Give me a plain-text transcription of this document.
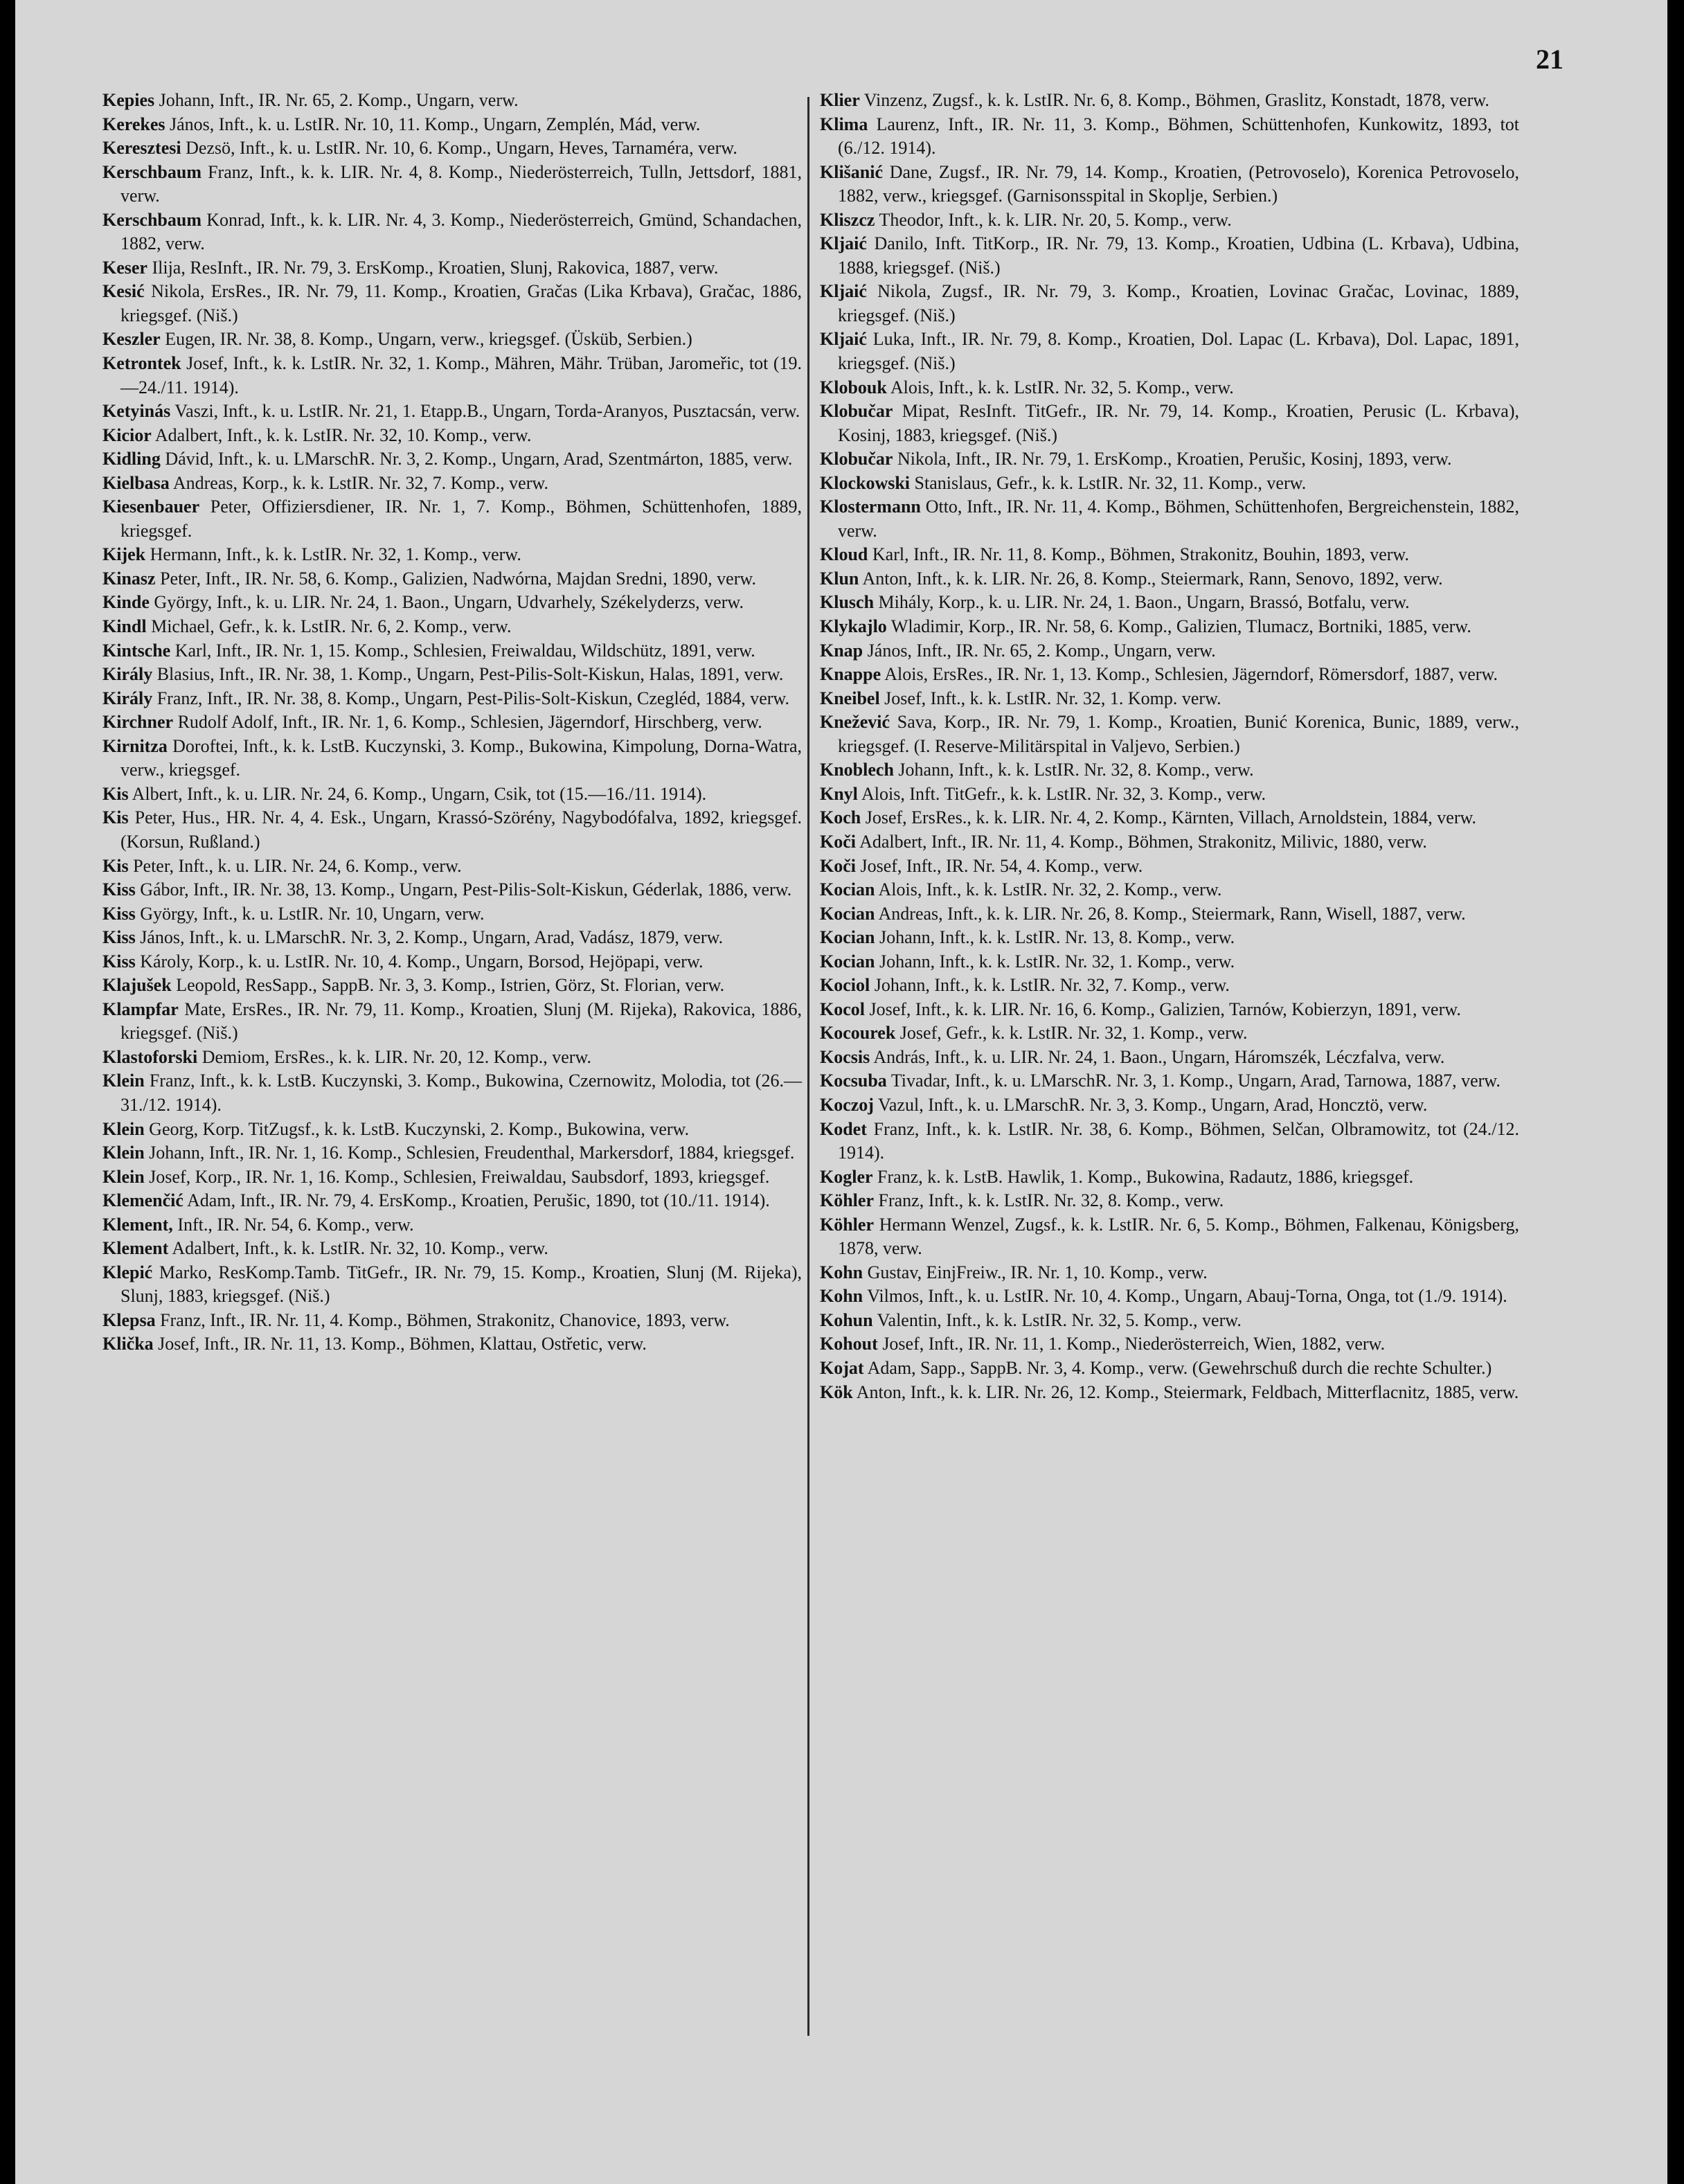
21

Kepies Johann, Inft., IR. Nr. 65, 2. Komp., Ungarn, verw.

Kerekes János, Inft., k. u. LstIR. Nr. 10, 11. Komp., Ungarn, Zemplén, Mád, verw.

Keresztesi Dezsö, Inft., k. u. LstIR. Nr. 10, 6. Komp., Ungarn, Heves, Tarnaméra, verw.

Kerschbaum Franz, Inft., k. k. LIR. Nr. 4, 8. Komp., Niederösterreich, Tulln, Jettsdorf, 1881, verw.

Kerschbaum Konrad, Inft., k. k. LIR. Nr. 4, 3. Komp., Niederösterreich, Gmünd, Schandachen, 1882, verw.

Keser Ilija, ResInft., IR. Nr. 79, 3. ErsKomp., Kroatien, Slunj, Rakovica, 1887, verw.

Kesić Nikola, ErsRes., IR. Nr. 79, 11. Komp., Kroatien, Gračas (Lika Krbava), Gračac, 1886, kriegsgef. (Niš.)

Keszler Eugen, IR. Nr. 38, 8. Komp., Ungarn, verw., kriegsgef. (Üsküb, Serbien.)

Ketrontek Josef, Inft., k. k. LstIR. Nr. 32, 1. Komp., Mähren, Mähr. Trüban, Jaromeřic, tot (19.—24./11. 1914).

Ketyinás Vaszi, Inft., k. u. LstIR. Nr. 21, 1. Etapp.B., Ungarn, Torda-Aranyos, Pusztacsán, verw.

Kicior Adalbert, Inft., k. k. LstIR. Nr. 32, 10. Komp., verw.

Kidling Dávid, Inft., k. u. LMarschR. Nr. 3, 2. Komp., Ungarn, Arad, Szentmárton, 1885, verw.

Kielbasa Andreas, Korp., k. k. LstIR. Nr. 32, 7. Komp., verw.

Kiesenbauer Peter, Offiziersdiener, IR. Nr. 1, 7. Komp., Böhmen, Schüttenhofen, 1889, kriegsgef.

Kijek Hermann, Inft., k. k. LstIR. Nr. 32, 1. Komp., verw.

Kinasz Peter, Inft., IR. Nr. 58, 6. Komp., Galizien, Nadwórna, Majdan Sredni, 1890, verw.

Kinde György, Inft., k. u. LIR. Nr. 24, 1. Baon., Ungarn, Udvarhely, Székelyderzs, verw.

Kindl Michael, Gefr., k. k. LstIR. Nr. 6, 2. Komp., verw.

Kintsche Karl, Inft., IR. Nr. 1, 15. Komp., Schlesien, Freiwaldau, Wildschütz, 1891, verw.

Király Blasius, Inft., IR. Nr. 38, 1. Komp., Ungarn, Pest-Pilis-Solt-Kiskun, Halas, 1891, verw.

Király Franz, Inft., IR. Nr. 38, 8. Komp., Ungarn, Pest-Pilis-Solt-Kiskun, Czegléd, 1884, verw.

Kirchner Rudolf Adolf, Inft., IR. Nr. 1, 6. Komp., Schlesien, Jägerndorf, Hirschberg, verw.

Kirnitza Doroftei, Inft., k. k. LstB. Kuczynski, 3. Komp., Bukowina, Kimpolung, Dorna-Watra, verw., kriegsgef.

Kis Albert, Inft., k. u. LIR. Nr. 24, 6. Komp., Ungarn, Csik, tot (15.—16./11. 1914).

Kis Peter, Hus., HR. Nr. 4, 4. Esk., Ungarn, Krassó-Szörény, Nagybodófalva, 1892, kriegsgef. (Korsun, Rußland.)

Kis Peter, Inft., k. u. LIR. Nr. 24, 6. Komp., verw.

Kiss Gábor, Inft., IR. Nr. 38, 13. Komp., Ungarn, Pest-Pilis-Solt-Kiskun, Géderlak, 1886, verw.

Kiss György, Inft., k. u. LstIR. Nr. 10, Ungarn, verw.

Kiss János, Inft., k. u. LMarschR. Nr. 3, 2. Komp., Ungarn, Arad, Vadász, 1879, verw.

Kiss Károly, Korp., k. u. LstIR. Nr. 10, 4. Komp., Ungarn, Borsod, Hejöpapi, verw.

Klajušek Leopold, ResSapp., SappB. Nr. 3, 3. Komp., Istrien, Görz, St. Florian, verw.

Klampfar Mate, ErsRes., IR. Nr. 79, 11. Komp., Kroatien, Slunj (M. Rijeka), Rakovica, 1886, kriegsgef. (Niš.)

Klastoforski Demiom, ErsRes., k. k. LIR. Nr. 20, 12. Komp., verw.

Klein Franz, Inft., k. k. LstB. Kuczynski, 3. Komp., Bukowina, Czernowitz, Molodia, tot (26.—31./12. 1914).

Klein Georg, Korp. TitZugsf., k. k. LstB. Kuczynski, 2. Komp., Bukowina, verw.

Klein Johann, Inft., IR. Nr. 1, 16. Komp., Schlesien, Freudenthal, Markersdorf, 1884, kriegsgef.

Klein Josef, Korp., IR. Nr. 1, 16. Komp., Schlesien, Freiwaldau, Saubsdorf, 1893, kriegsgef.

Klemenčić Adam, Inft., IR. Nr. 79, 4. ErsKomp., Kroatien, Perušic, 1890, tot (10./11. 1914).

Klement, Inft., IR. Nr. 54, 6. Komp., verw.

Klement Adalbert, Inft., k. k. LstIR. Nr. 32, 10. Komp., verw.

Klepić Marko, ResKomp.Tamb. TitGefr., IR. Nr. 79, 15. Komp., Kroatien, Slunj (M. Rijeka), Slunj, 1883, kriegsgef. (Niš.)

Klepsa Franz, Inft., IR. Nr. 11, 4. Komp., Böhmen, Strakonitz, Chanovice, 1893, verw.

Klička Josef, Inft., IR. Nr. 11, 13. Komp., Böhmen, Klattau, Ostřetic, verw.

Klier Vinzenz, Zugsf., k. k. LstIR. Nr. 6, 8. Komp., Böhmen, Graslitz, Konstadt, 1878, verw.

Klima Laurenz, Inft., IR. Nr. 11, 3. Komp., Böhmen, Schüttenhofen, Kunkowitz, 1893, tot (6./12. 1914).

Klišanić Dane, Zugsf., IR. Nr. 79, 14. Komp., Kroatien, (Petrovoselo), Korenica Petrovoselo, 1882, verw., kriegsgef. (Garnisonsspital in Skoplje, Serbien.)

Kliszcz Theodor, Inft., k. k. LIR. Nr. 20, 5. Komp., verw.

Kljaić Danilo, Inft. TitKorp., IR. Nr. 79, 13. Komp., Kroatien, Udbina (L. Krbava), Udbina, 1888, kriegsgef. (Niš.)

Kljaić Nikola, Zugsf., IR. Nr. 79, 3. Komp., Kroatien, Lovinac Gračac, Lovinac, 1889, kriegsgef. (Niš.)

Kljaić Luka, Inft., IR. Nr. 79, 8. Komp., Kroatien, Dol. Lapac (L. Krbava), Dol. Lapac, 1891, kriegsgef. (Niš.)

Klobouk Alois, Inft., k. k. LstIR. Nr. 32, 5. Komp., verw.

Klobučar Mipat, ResInft. TitGefr., IR. Nr. 79, 14. Komp., Kroatien, Perusic (L. Krbava), Kosinj, 1883, kriegsgef. (Niš.)

Klobučar Nikola, Inft., IR. Nr. 79, 1. ErsKomp., Kroatien, Perušic, Kosinj, 1893, verw.

Klockowski Stanislaus, Gefr., k. k. LstIR. Nr. 32, 11. Komp., verw.

Klostermann Otto, Inft., IR. Nr. 11, 4. Komp., Böhmen, Schüttenhofen, Bergreichenstein, 1882, verw.

Kloud Karl, Inft., IR. Nr. 11, 8. Komp., Böhmen, Strakonitz, Bouhin, 1893, verw.

Klun Anton, Inft., k. k. LIR. Nr. 26, 8. Komp., Steiermark, Rann, Senovo, 1892, verw.

Klusch Mihály, Korp., k. u. LIR. Nr. 24, 1. Baon., Ungarn, Brassó, Botfalu, verw.

Klykajlo Wladimir, Korp., IR. Nr. 58, 6. Komp., Galizien, Tlumacz, Bortniki, 1885, verw.

Knap János, Inft., IR. Nr. 65, 2. Komp., Ungarn, verw.

Knappe Alois, ErsRes., IR. Nr. 1, 13. Komp., Schlesien, Jägerndorf, Römersdorf, 1887, verw.

Kneibel Josef, Inft., k. k. LstIR. Nr. 32, 1. Komp. verw.

Knežević Sava, Korp., IR. Nr. 79, 1. Komp., Kroatien, Bunić Korenica, Bunic, 1889, verw., kriegsgef. (I. Reserve-Militärspital in Valjevo, Serbien.)

Knoblech Johann, Inft., k. k. LstIR. Nr. 32, 8. Komp., verw.

Knyl Alois, Inft. TitGefr., k. k. LstIR. Nr. 32, 3. Komp., verw.

Koch Josef, ErsRes., k. k. LIR. Nr. 4, 2. Komp., Kärnten, Villach, Arnoldstein, 1884, verw.

Koči Adalbert, Inft., IR. Nr. 11, 4. Komp., Böhmen, Strakonitz, Milivic, 1880, verw.

Koči Josef, Inft., IR. Nr. 54, 4. Komp., verw.

Kocian Alois, Inft., k. k. LstIR. Nr. 32, 2. Komp., verw.

Kocian Andreas, Inft., k. k. LIR. Nr. 26, 8. Komp., Steiermark, Rann, Wisell, 1887, verw.

Kocian Johann, Inft., k. k. LstIR. Nr. 13, 8. Komp., verw.

Kocian Johann, Inft., k. k. LstIR. Nr. 32, 1. Komp., verw.

Kociol Johann, Inft., k. k. LstIR. Nr. 32, 7. Komp., verw.

Kocol Josef, Inft., k. k. LIR. Nr. 16, 6. Komp., Galizien, Tarnów, Kobierzyn, 1891, verw.

Kocourek Josef, Gefr., k. k. LstIR. Nr. 32, 1. Komp., verw.

Kocsis András, Inft., k. u. LIR. Nr. 24, 1. Baon., Ungarn, Háromszék, Léczfalva, verw.

Kocsuba Tivadar, Inft., k. u. LMarschR. Nr. 3, 1. Komp., Ungarn, Arad, Tarnowa, 1887, verw.

Koczoj Vazul, Inft., k. u. LMarschR. Nr. 3, 3. Komp., Ungarn, Arad, Honcztö, verw.

Kodet Franz, Inft., k. k. LstIR. Nr. 38, 6. Komp., Böhmen, Selčan, Olbramowitz, tot (24./12. 1914).

Kogler Franz, k. k. LstB. Hawlik, 1. Komp., Bukowina, Radautz, 1886, kriegsgef.

Köhler Franz, Inft., k. k. LstIR. Nr. 32, 8. Komp., verw.

Köhler Hermann Wenzel, Zugsf., k. k. LstIR. Nr. 6, 5. Komp., Böhmen, Falkenau, Königsberg, 1878, verw.

Kohn Gustav, EinjFreiw., IR. Nr. 1, 10. Komp., verw.

Kohn Vilmos, Inft., k. u. LstIR. Nr. 10, 4. Komp., Ungarn, Abauj-Torna, Onga, tot (1./9. 1914).

Kohun Valentin, Inft., k. k. LstIR. Nr. 32, 5. Komp., verw.

Kohout Josef, Inft., IR. Nr. 11, 1. Komp., Niederösterreich, Wien, 1882, verw.

Kojat Adam, Sapp., SappB. Nr. 3, 4. Komp., verw. (Gewehrschuß durch die rechte Schulter.)

Kök Anton, Inft., k. k. LIR. Nr. 26, 12. Komp., Steiermark, Feldbach, Mitterflacnitz, 1885, verw.
